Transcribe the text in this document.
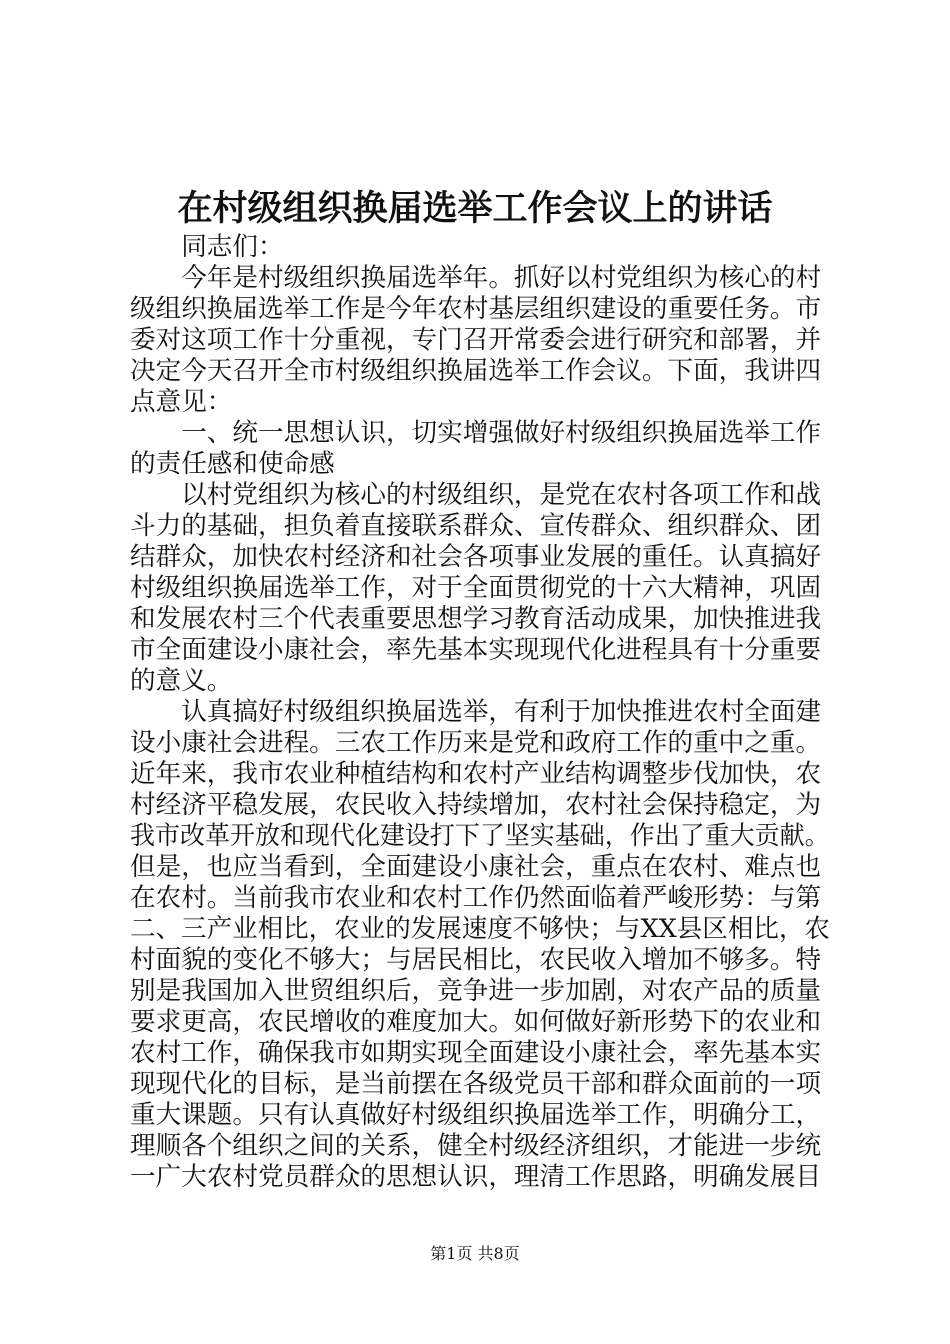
在村级组织换届选举工作会议上的讲话
　　同志们：
　　今年是村级组织换届选举年。抓好以村党组织为核心的村
级组织换届选举工作是今年农村基层组织建设的重要任务。市
委对这项工作十分重视，专门召开常委会进行研究和部署，并
决定今天召开全市村级组织换届选举工作会议。下面，我讲四
点意见：
　　一、统一思想认识，切实增强做好村级组织换届选举工作
的责任感和使命感
　　以村党组织为核心的村级组织，是党在农村各项工作和战
斗力的基础，担负着直接联系群众、宣传群众、组织群众、团
结群众，加快农村经济和社会各项事业发展的重任。认真搞好
村级组织换届选举工作，对于全面贯彻党的十六大精神，巩固
和发展农村三个代表重要思想学习教育活动成果，加快推进我
市全面建设小康社会，率先基本实现现代化进程具有十分重要
的意义。
　　认真搞好村级组织换届选举，有利于加快推进农村全面建
设小康社会进程。三农工作历来是党和政府工作的重中之重。
近年来，我市农业种植结构和农村产业结构调整步伐加快，农
村经济平稳发展，农民收入持续增加，农村社会保持稳定，为
我市改革开放和现代化建设打下了坚实基础，作出了重大贡献。
但是，也应当看到，全面建设小康社会，重点在农村、难点也
在农村。当前我市农业和农村工作仍然面临着严峻形势：与第
二、三产业相比，农业的发展速度不够快；与XX县区相比，农
村面貌的变化不够大；与居民相比，农民收入增加不够多。特
别是我国加入世贸组织后，竞争进一步加剧，对农产品的质量
要求更高，农民增收的难度加大。如何做好新形势下的农业和
农村工作，确保我市如期实现全面建设小康社会，率先基本实
现现代化的目标，是当前摆在各级党员干部和群众面前的一项
重大课题。只有认真做好村级组织换届选举工作，明确分工，
理顺各个组织之间的关系，健全村级经济组织，才能进一步统
一广大农村党员群众的思想认识，理清工作思路，明确发展目
第1页 共8页
